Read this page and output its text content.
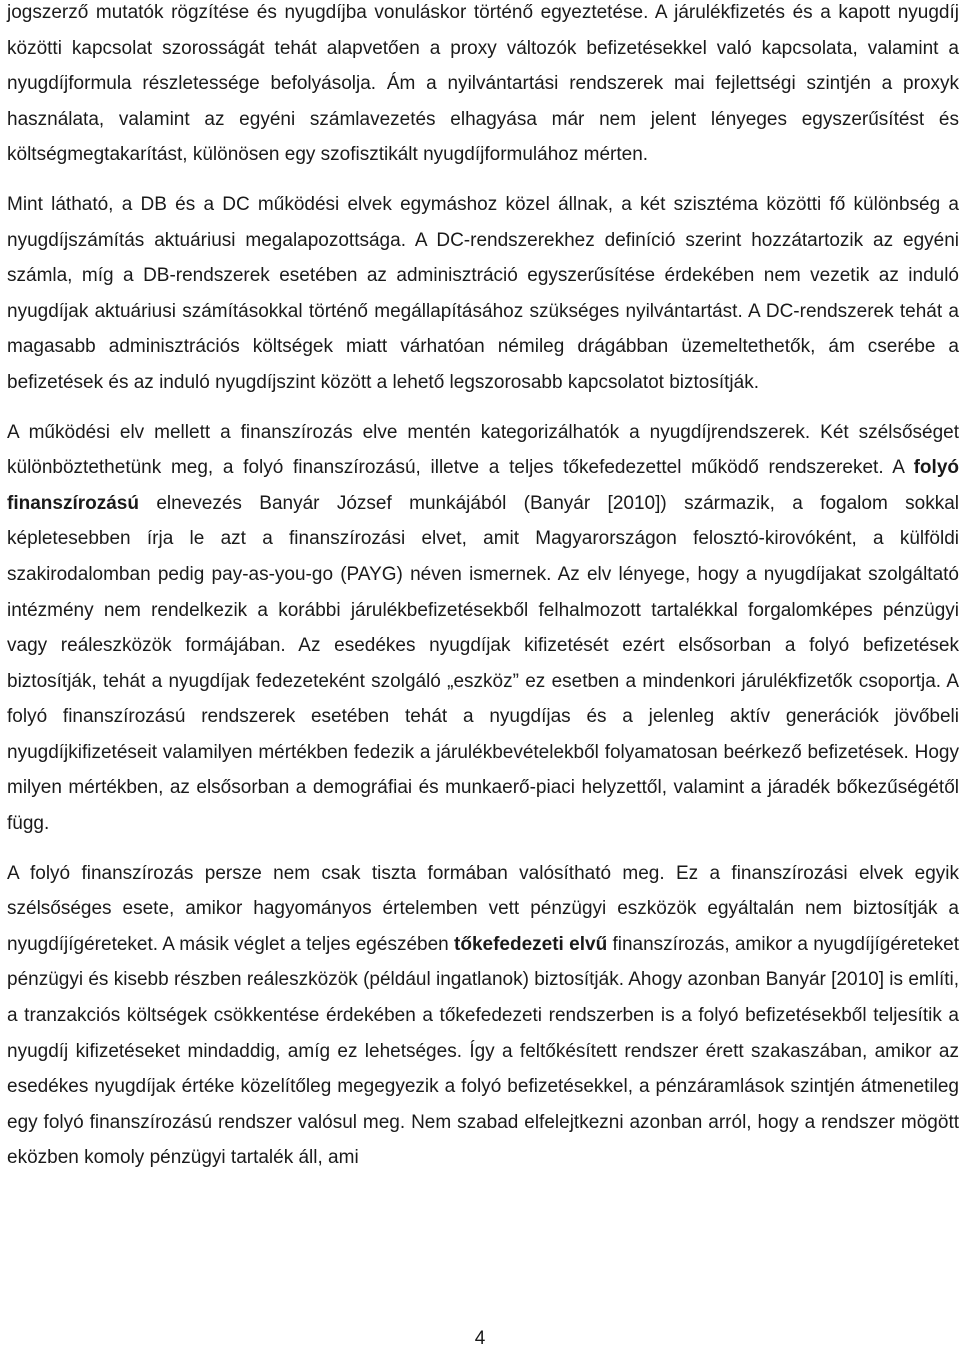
jogszerző mutatók rögzítése és nyugdíjba vonuláskor történő egyeztetése. A járulékfizetés és a kapott nyugdíj közötti kapcsolat szorosságát tehát alapvetően a proxy változók befizetésekkel való kapcsolata, valamint a nyugdíjformula részletessége befolyásolja. Ám a nyilvántartási rendszerek mai fejlettségi szintjén a proxyk használata, valamint az egyéni számlavezetés elhagyása már nem jelent lényeges egyszerűsítést és költségmegtakarítást, különösen egy szofisztikált nyugdíjformulához mérten.

Mint látható, a DB és a DC működési elvek egymáshoz közel állnak, a két szisztéma közötti fő különbség a nyugdíjszámítás aktuáriusi megalapozottsága. A DC-rendszerekhez definíció szerint hozzátartozik az egyéni számla, míg a DB-rendszerek esetében az adminisztráció egyszerűsítése érdekében nem vezetik az induló nyugdíjak aktuáriusi számításokkal történő megállapításához szükséges nyilvántartást. A DC-rendszerek tehát a magasabb adminisztrációs költségek miatt várhatóan némileg drágábban üzemeltethetők, ám cserébe a befizetések és az induló nyugdíjszint között a lehető legszorosabb kapcsolatot biztosítják.

A működési elv mellett a finanszírozás elve mentén kategorizálhatók a nyugdíjrendszerek. Két szélsőséget különböztethetünk meg, a folyó finanszírozású, illetve a teljes tőkefedezettel működő rendszereket. A folyó finanszírozású elnevezés Banyár József munkájából (Banyár [2010]) származik, a fogalom sokkal képletesebben írja le azt a finanszírozási elvet, amit Magyarországon felosztó-kirovóként, a külföldi szakirodalomban pedig pay-as-you-go (PAYG) néven ismernek. Az elv lényege, hogy a nyugdíjakat szolgáltató intézmény nem rendelkezik a korábbi járulékbefizetésekből felhalmozott tartalékkal forgalomképes pénzügyi vagy reáleszközök formájában. Az esedékes nyugdíjak kifizetését ezért elsősorban a folyó befizetések biztosítják, tehát a nyugdíjak fedezeteként szolgáló „eszköz” ez esetben a mindenkori járulékfizetők csoportja. A folyó finanszírozású rendszerek esetében tehát a nyugdíjas és a jelenleg aktív generációk jövőbeli nyugdíjkifizetéseit valamilyen mértékben fedezik a járulékbevételekből folyamatosan beérkező befizetések. Hogy milyen mértékben, az elsősorban a demográfiai és munkaerő-piaci helyzettől, valamint a járadék bőkezűségétől függ.

A folyó finanszírozás persze nem csak tiszta formában valósítható meg. Ez a finanszírozási elvek egyik szélsőséges esete, amikor hagyományos értelemben vett pénzügyi eszközök egyáltalán nem biztosítják a nyugdíjígéreteket. A másik véglet a teljes egészében tőkefedezeti elvű finanszírozás, amikor a nyugdíjígéreteket pénzügyi és kisebb részben reáleszközök (például ingatlanok) biztosítják. Ahogy azonban Banyár [2010] is említi, a tranzakciós költségek csökkentése érdekében a tőkefedezeti rendszerben is a folyó befizetésekből teljesítik a nyugdíj kifizetéseket mindaddig, amíg ez lehetséges. Így a feltőkésített rendszer érett szakaszában, amikor az esedékes nyugdíjak értéke közelítőleg megegyezik a folyó befizetésekkel, a pénzáramlások szintjén átmenetileg egy folyó finanszírozású rendszer valósul meg. Nem szabad elfelejtkezni azonban arról, hogy a rendszer mögött eközben komoly pénzügyi tartalék áll, ami

4
